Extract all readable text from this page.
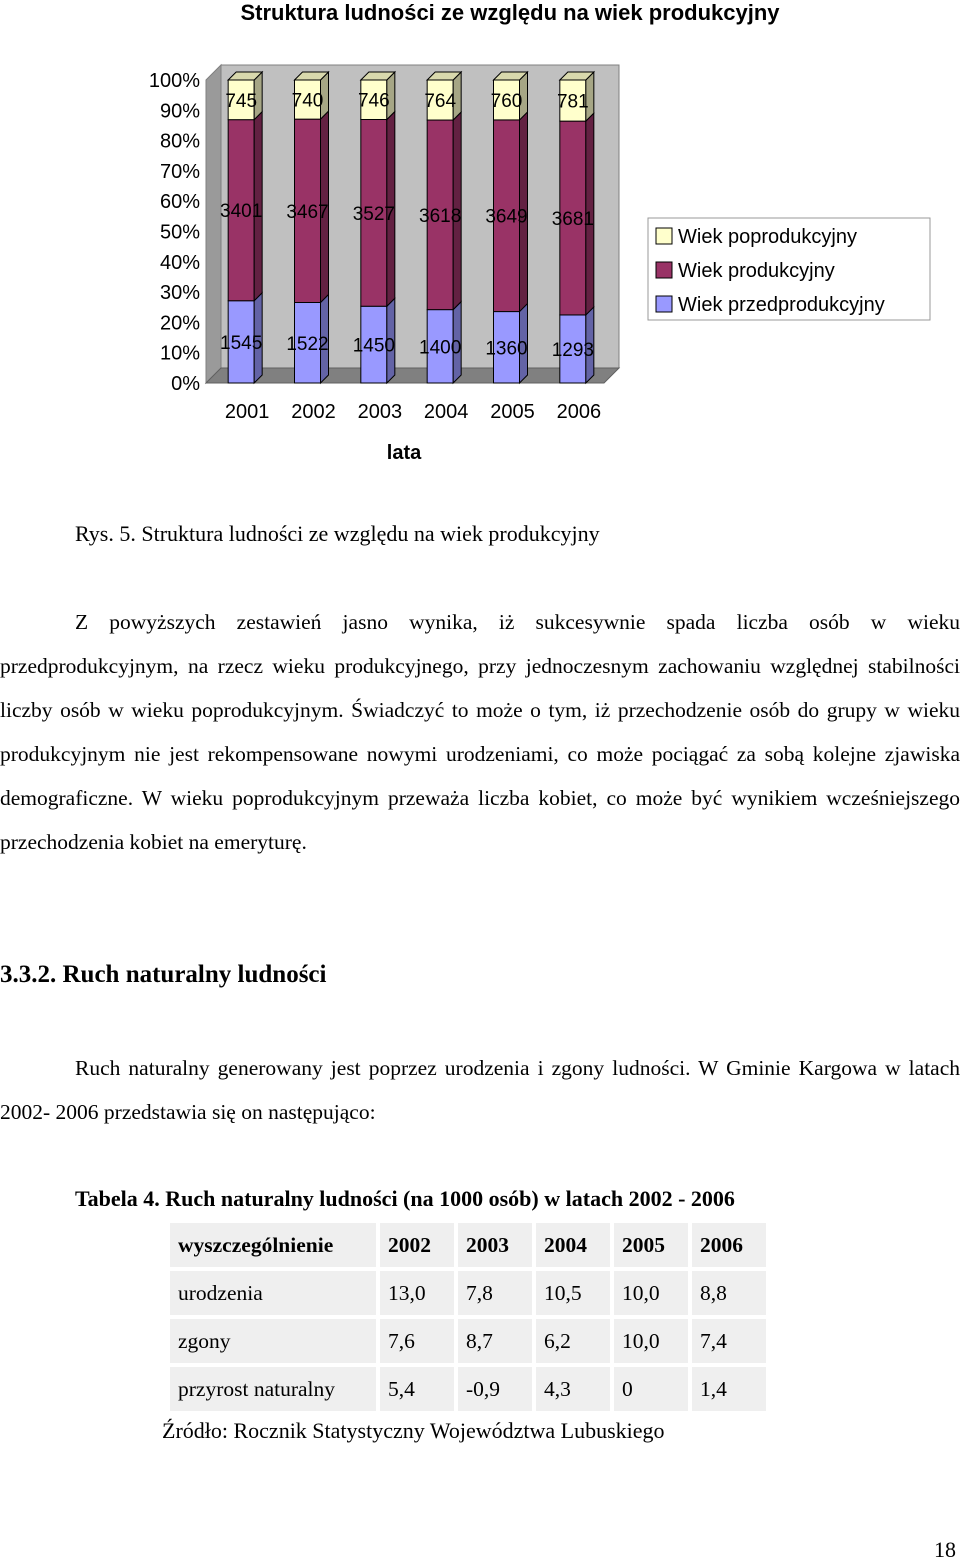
Struktura ludności ze względu na wiek produkcyjny
100%
90%
80%
70%
60%
50%
40%
30%
20%
10%
0%
1545
3401
745
2001
1522
3467
740
2002
1450
3527
746
2003
1400
3618
764
2004
1360
3649
760
2005
1293
3681
781
2006
lata
Wiek poprodukcyjny
Wiek produkcyjny
Wiek przedprodukcyjny
Rys. 5. Struktura ludności ze względu na wiek produkcyjny
Z powyższych zestawień jasno wynika, iż sukcesywnie spada liczba osób w wieku przedprodukcyjnym, na rzecz wieku produkcyjnego, przy jednoczesnym zachowaniu względnej stabilności liczby osób w wieku poprodukcyjnym. Świadczyć to może o tym, iż przechodzenie osób do grupy w wieku produkcyjnym nie jest rekompensowane nowymi urodzeniami, co może pociągać za sobą kolejne zjawiska demograficzne. W wieku poprodukcyjnym przeważa liczba kobiet, co może być wynikiem wcześniejszego przechodzenia kobiet na emeryturę.
3.3.2. Ruch naturalny ludności
Ruch naturalny generowany jest poprzez urodzenia i zgony ludności. W Gminie Kargowa w latach 2002- 2006 przedstawia się on następująco:
Tabela 4. Ruch naturalny ludności (na 1000 osób) w latach 2002 - 2006
wyszczególnienie	2002	2003	2004	2005	2006
urodzenia	13,0	7,8	10,5	10,0	8,8
zgony	7,6	8,7	6,2	10,0	7,4
przyrost naturalny	5,4	-0,9	4,3	0	1,4
Źródło: Rocznik Statystyczny Województwa Lubuskiego
18
